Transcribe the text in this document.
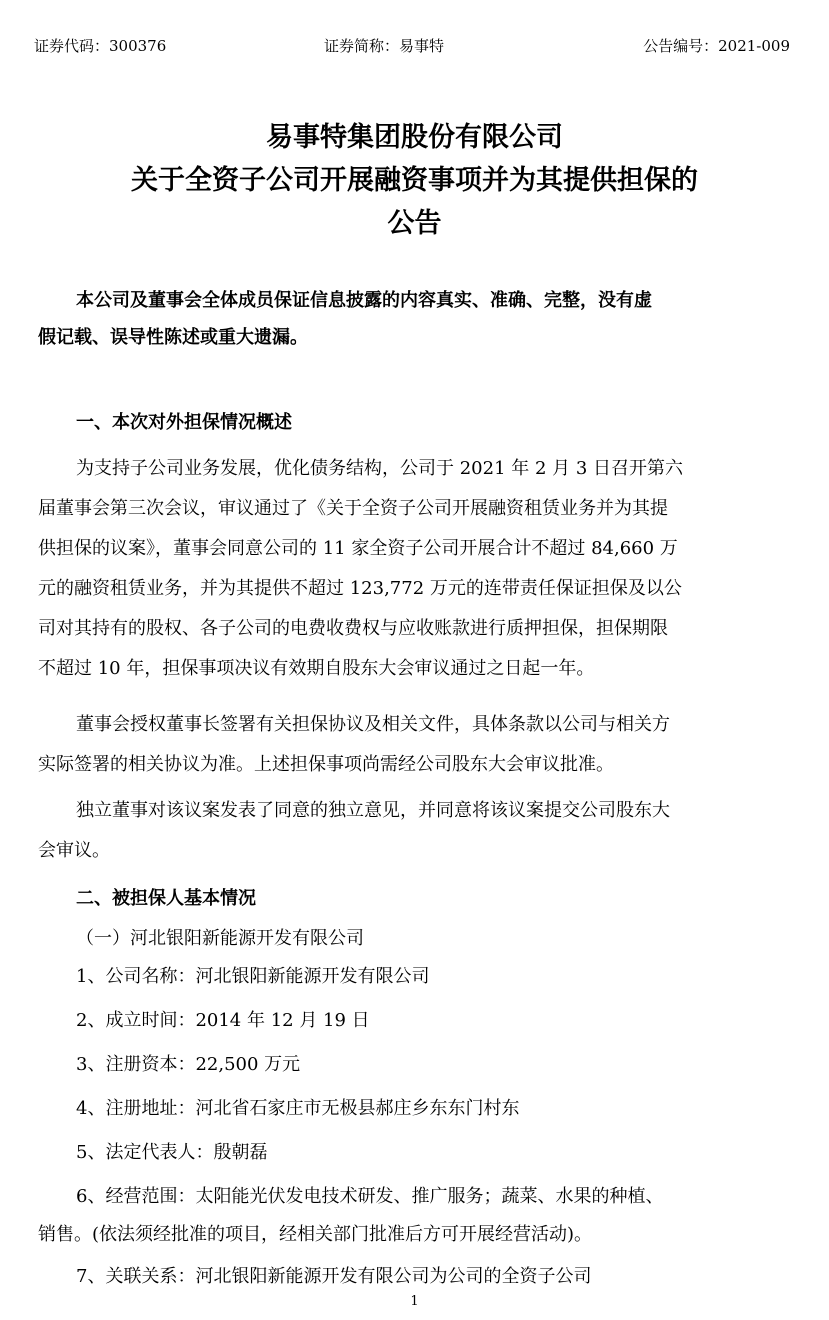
证券代码：300376	证券简称：易事特	公告编号：2021-009
易事特集团股份有限公司
关于全资子公司开展融资事项并为其提供担保的
公告
本公司及董事会全体成员保证信息披露的内容真实、准确、完整，没有虚
假记载、误导性陈述或重大遗漏。
一、本次对外担保情况概述
为支持子公司业务发展，优化债务结构，公司于 2021 年 2 月 3 日召开第六
届董事会第三次会议，审议通过了《关于全资子公司开展融资租赁业务并为其提
供担保的议案》，董事会同意公司的 11 家全资子公司开展合计不超过 84,660 万
元的融资租赁业务，并为其提供不超过 123,772 万元的连带责任保证担保及以公
司对其持有的股权、各子公司的电费收费权与应收账款进行质押担保，担保期限
不超过 10 年，担保事项决议有效期自股东大会审议通过之日起一年。
董事会授权董事长签署有关担保协议及相关文件，具体条款以公司与相关方
实际签署的相关协议为准。上述担保事项尚需经公司股东大会审议批准。
独立董事对该议案发表了同意的独立意见，并同意将该议案提交公司股东大
会审议。
二、被担保人基本情况
（一）河北银阳新能源开发有限公司
1、公司名称：河北银阳新能源开发有限公司
2、成立时间：2014 年 12 月 19 日
3、注册资本：22,500 万元
4、注册地址：河北省石家庄市无极县郝庄乡东东门村东
5、法定代表人：殷朝磊
6、经营范围：太阳能光伏发电技术研发、推广服务；蔬菜、水果的种植、
销售。(依法须经批准的项目，经相关部门批准后方可开展经营活动)。
7、关联关系：河北银阳新能源开发有限公司为公司的全资子公司
1
